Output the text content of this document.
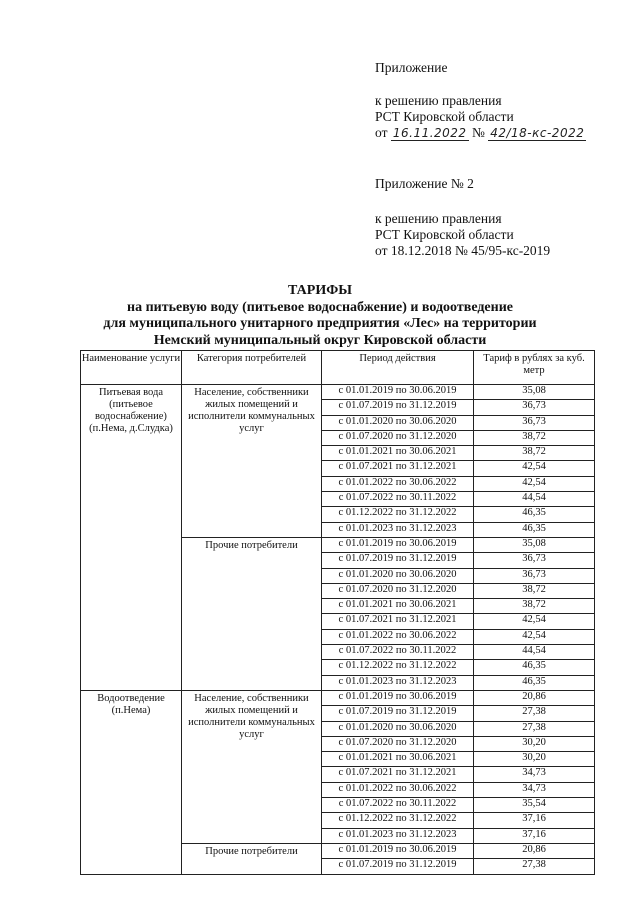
Приложение
к решению правления
РСТ Кировской области
от 16.11.2022 № 42/18-кс-2022
Приложение № 2
к решению правления
РСТ Кировской области
от 18.12.2018 № 45/95-кс-2019
ТАРИФЫ
на питьевую воду (питьевое водоснабжение) и водоотведение
для муниципального унитарного предприятия «Лес» на территории
Немский муниципальный округ Кировской области
Наименование услуги	Категория потребителей	Период действия	Тариф в рублях за куб. метр
Питьевая вода (питьевое водоснабжение) (п.Нема, д.Слудка)	Население, собственники жилых помещений и исполнители коммунальных услуг	с 01.01.2019 по 30.06.2019	35,08
		с 01.07.2019 по 31.12.2019	36,73
		с 01.01.2020 по 30.06.2020	36,73
		с 01.07.2020 по 31.12.2020	38,72
		с 01.01.2021 по 30.06.2021	38,72
		с 01.07.2021 по 31.12.2021	42,54
		с 01.01.2022 по 30.06.2022	42,54
		с 01.07.2022 по 30.11.2022	44,54
		с 01.12.2022 по 31.12.2022	46,35
		с 01.01.2023 по 31.12.2023	46,35
	Прочие потребители	с 01.01.2019 по 30.06.2019	35,08
		с 01.07.2019 по 31.12.2019	36,73
		с 01.01.2020 по 30.06.2020	36,73
		с 01.07.2020 по 31.12.2020	38,72
		с 01.01.2021 по 30.06.2021	38,72
		с 01.07.2021 по 31.12.2021	42,54
		с 01.01.2022 по 30.06.2022	42,54
		с 01.07.2022 по 30.11.2022	44,54
		с 01.12.2022 по 31.12.2022	46,35
		с 01.01.2023 по 31.12.2023	46,35
Водоотведение (п.Нема)	Население, собственники жилых помещений и исполнители коммунальных услуг	с 01.01.2019 по 30.06.2019	20,86
		с 01.07.2019 по 31.12.2019	27,38
		с 01.01.2020 по 30.06.2020	27,38
		с 01.07.2020 по 31.12.2020	30,20
		с 01.01.2021 по 30.06.2021	30,20
		с 01.07.2021 по 31.12.2021	34,73
		с 01.01.2022 по 30.06.2022	34,73
		с 01.07.2022 по 30.11.2022	35,54
		с 01.12.2022 по 31.12.2022	37,16
		с 01.01.2023 по 31.12.2023	37,16
	Прочие потребители	с 01.01.2019 по 30.06.2019	20,86
		с 01.07.2019 по 31.12.2019	27,38
